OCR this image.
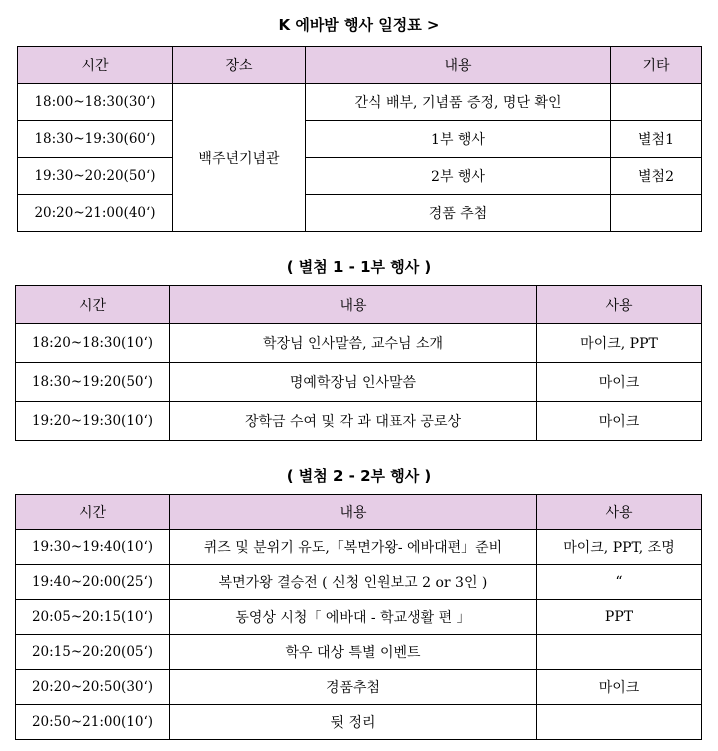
K 에바밤 행사 일정표 >
시간	장소	내용	기타
18:00~18:30(30‘)	백주년기념관	간식 배부, 기념품 증정, 명단 확인	
18:30~19:30(60‘)		1부 행사	별첨1
19:30~20:20(50‘)		2부 행사	별첨2
20:20~21:00(40‘)		경품 추첨	
( 별첨 1 - 1부 행사 )
시간	내용	사용
18:20~18:30(10‘)	학장님 인사말씀, 교수님 소개	마이크, PPT
18:30~19:20(50‘)	명예학장님 인사말씀	마이크
19:20~19:30(10‘)	장학금 수여 및 각 과 대표자 공로상	마이크
( 별첨 2 - 2부 행사 )
시간	내용	사용
19:30~19:40(10‘)	퀴즈 및 분위기 유도,「복면가왕- 에바대편」준비	마이크, PPT, 조명
19:40~20:00(25‘)	복면가왕 결승전 ( 신청 인원보고 2 or 3인 )	“
20:05~20:15(10‘)	동영상 시청「 에바대 - 학교생활 편 」	PPT
20:15~20:20(05‘)	학우 대상 특별 이벤트	
20:20~20:50(30‘)	경품추첨	마이크
20:50~21:00(10‘)	뒷 정리	
